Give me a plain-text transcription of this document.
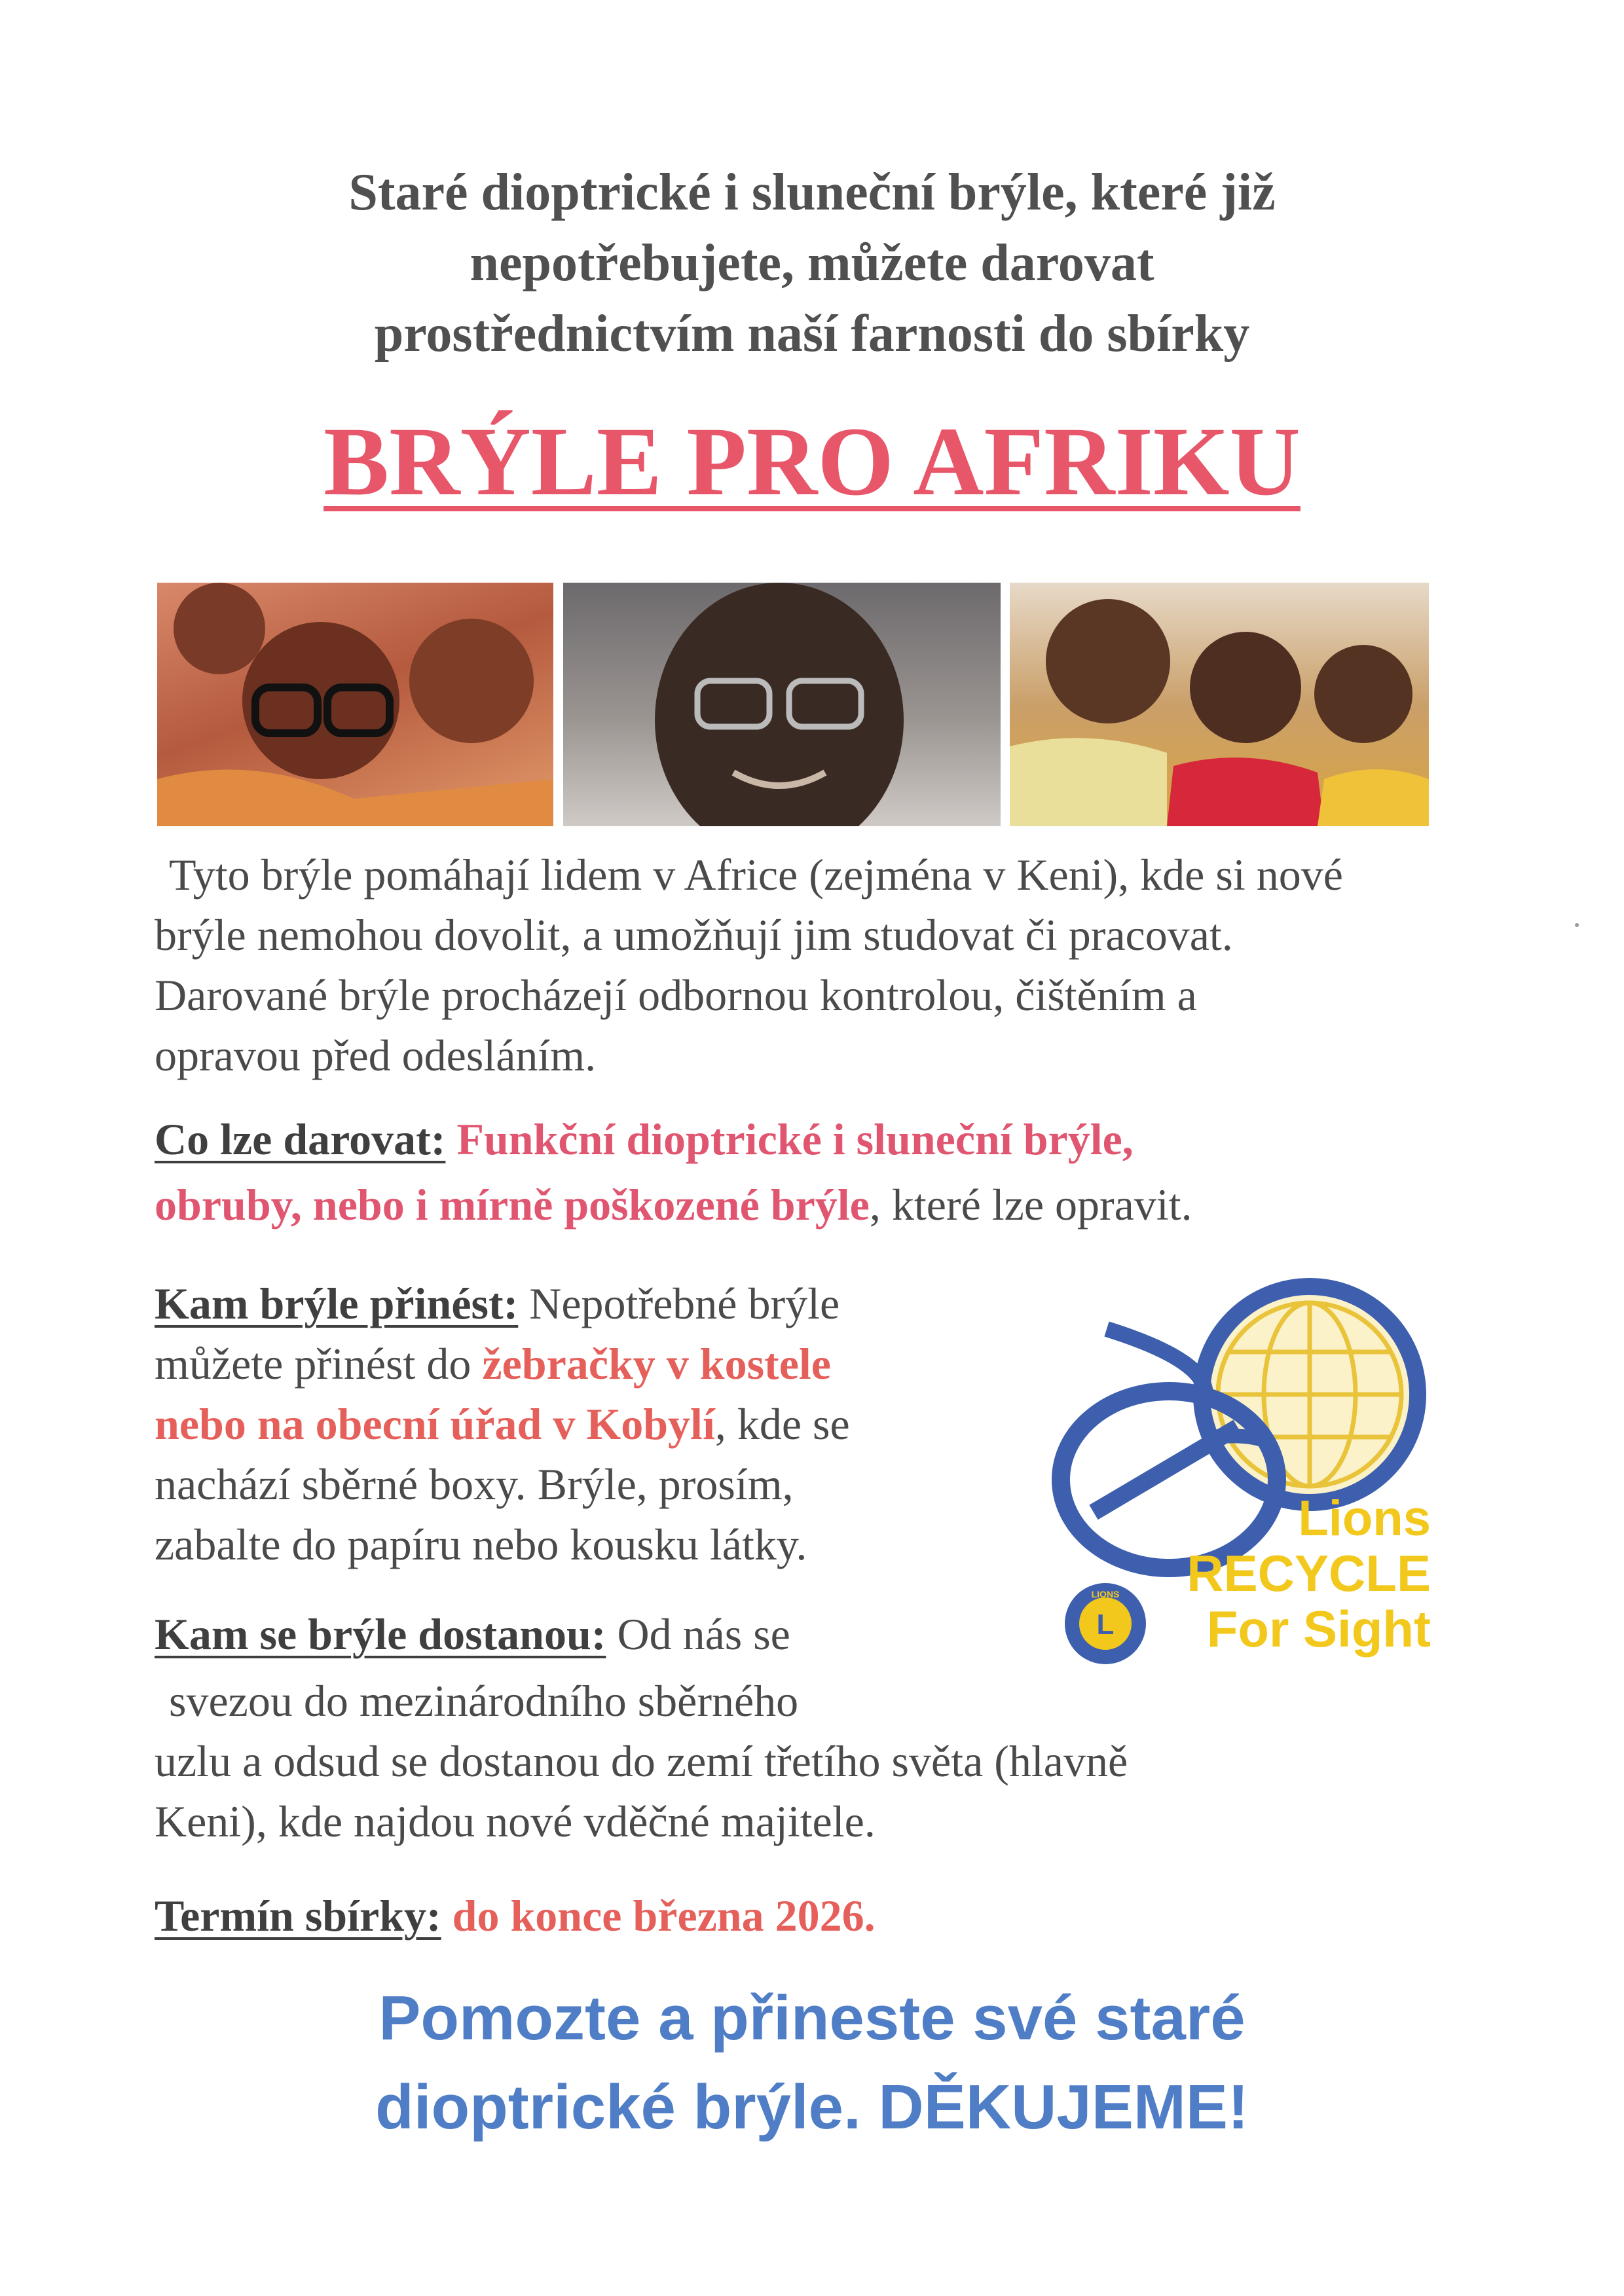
Staré dioptrické i sluneční brýle, které již
nepotřebujete, můžete darovat
prostřednictvím naší farnosti do sbírky
BRÝLE PRO AFRIKU
Tyto brýle pomáhají lidem v Africe (zejména v Keni), kde si nové
brýle nemohou dovolit, a umožňují jim studovat či pracovat.
Darované brýle procházejí odbornou kontrolou, čištěním a
opravou před odesláním.
Co lze darovat: Funkční dioptrické i sluneční brýle,
obruby, nebo i mírně poškozené brýle, které lze opravit.
Kam brýle přinést: Nepotřebné brýle
můžete přinést do žebračky v kostele
nebo na obecní úřad v Kobylí, kde se
nachází sběrné boxy. Brýle, prosím,
zabalte do papíru nebo kousku látky.
Kam se brýle dostanou: Od nás se
svezou do mezinárodního sběrného
uzlu a odsud se dostanou do zemí třetího světa (hlavně
Keni), kde najdou nové vděčné majitele.
Termín sbírky: do konce března 2026.
Pomozte a přineste své staré
dioptrické brýle. DĚKUJEME!
L
LIONS
Lions
RECYCLE
For Sight
